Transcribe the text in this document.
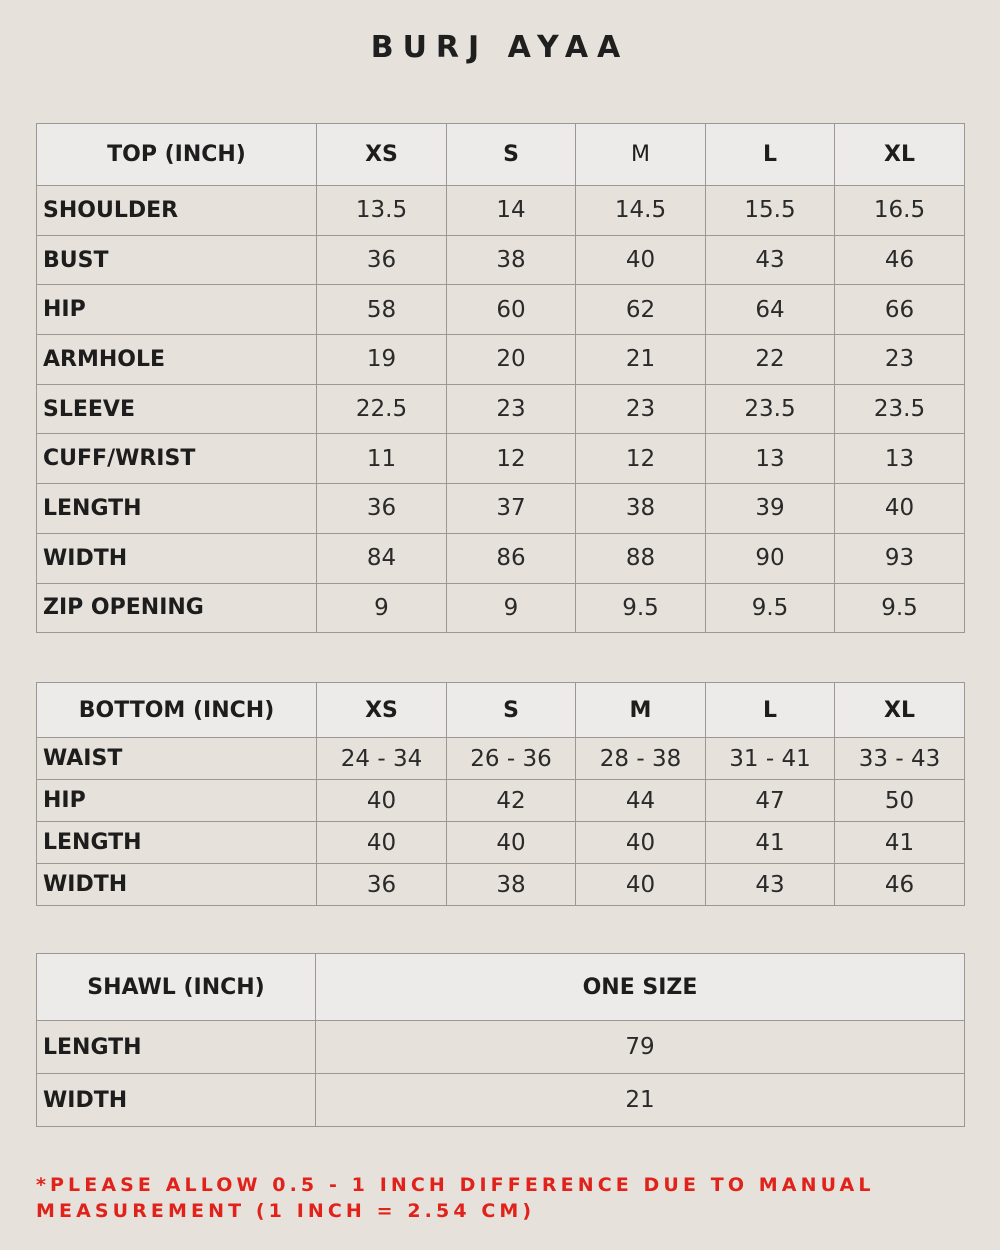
BURJ AYAA
TOP (INCH)	XS	S	M	L	XL
SHOULDER	13.5	14	14.5	15.5	16.5
BUST	36	38	40	43	46
HIP	58	60	62	64	66
ARMHOLE	19	20	21	22	23
SLEEVE	22.5	23	23	23.5	23.5
CUFF/WRIST	11	12	12	13	13
LENGTH	36	37	38	39	40
WIDTH	84	86	88	90	93
ZIP OPENING	9	9	9.5	9.5	9.5
BOTTOM (INCH)	XS	S	M	L	XL
WAIST	24 - 34	26 - 36	28 - 38	31 - 41	33 - 43
HIP	40	42	44	47	50
LENGTH	40	40	40	41	41
WIDTH	36	38	40	43	46
SHAWL (INCH)	ONE SIZE
LENGTH	79
WIDTH	21
*PLEASE ALLOW 0.5 - 1 INCH DIFFERENCE DUE TO MANUAL
MEASUREMENT (1 INCH = 2.54 CM)
